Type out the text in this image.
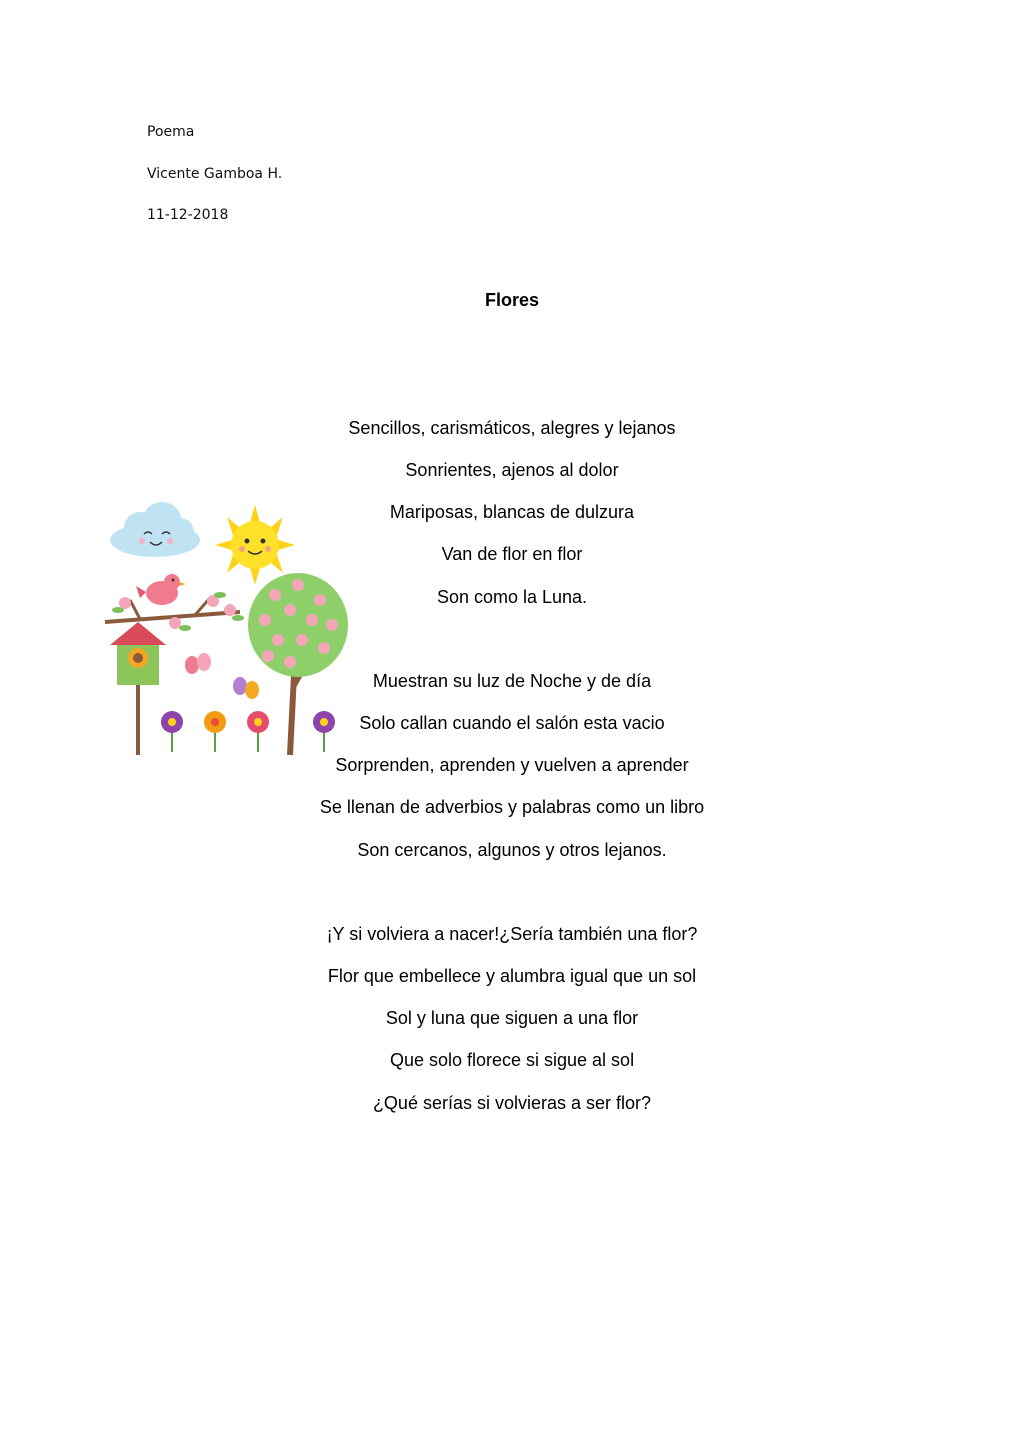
Poema
Vicente Gamboa H.
11-12-2018
Flores
Sencillos, carismáticos, alegres y lejanos
Sonrientes, ajenos al dolor
Mariposas, blancas de dulzura
Van de flor en flor
Son como la Luna.
Muestran su luz de Noche y de día
Solo callan cuando el salón esta vacio
Sorprenden, aprenden y vuelven a aprender
Se llenan de adverbios y palabras como un libro
Son cercanos, algunos y otros lejanos.
¡Y si volviera a nacer!¿Sería también una flor?
Flor que embellece y alumbra igual que un sol
Sol y luna que siguen a una flor
Que solo florece si sigue al sol
¿Qué serías si volvieras a ser flor?
